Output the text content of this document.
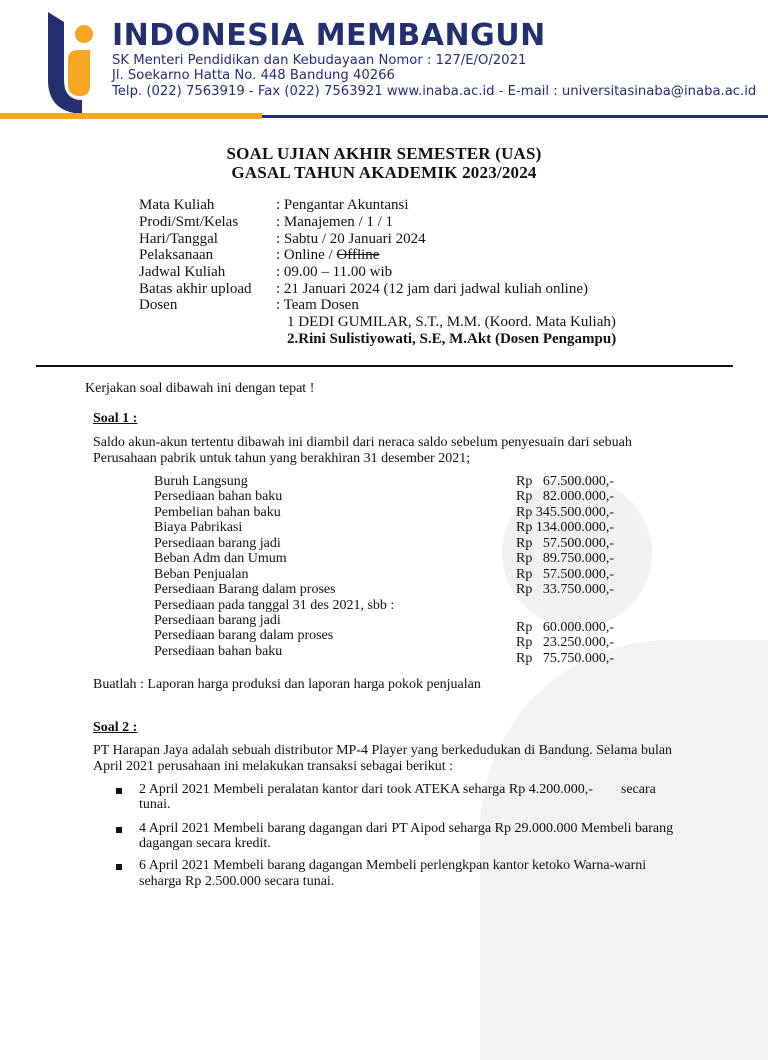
INDONESIA MEMBANGUN
SK Menteri Pendidikan dan Kebudayaan Nomor : 127/E/O/2021
Jl. Soekarno Hatta No. 448 Bandung 40266
Telp. (022) 7563919 - Fax (022) 7563921 www.inaba.ac.id - E-mail : universitasinaba@inaba.ac.id
SOAL UJIAN AKHIR SEMESTER (UAS)
GASAL TAHUN AKADEMIK 2023/2024
Mata Kuliah	: Pengantar Akuntansi
Prodi/Smt/Kelas	: Manajemen / 1 / 1
Hari/Tanggal	: Sabtu / 20 Januari 2024
Pelaksanaan	: Online / Offline
Jadwal Kuliah	: 09.00 – 11.00 wib
Batas akhir upload : 21 Januari 2024 (12 jam dari jadwal kuliah online)
Dosen	: Team Dosen
1 DEDI GUMILAR, S.T., M.M. (Koord. Mata Kuliah)
2.Rini Sulistiyowati, S.E, M.Akt (Dosen Pengampu)
Kerjakan soal dibawah ini dengan tepat !
Soal 1 :
Saldo akun-akun tertentu dibawah ini diambil dari neraca saldo sebelum penyesuain dari sebuah
Perusahaan pabrik untuk tahun yang berakhiran 31 desember 2021;
Buruh Langsung	Rp   67.500.000,-
Persediaan bahan baku	Rp   82.000.000,-
Pembelian bahan baku	Rp 345.500.000,-
Biaya Pabrikasi	Rp 134.000.000,-
Persediaan barang jadi	Rp   57.500.000,-
Beban Adm dan Umum	Rp   89.750.000,-
Beban Penjualan	Rp   57.500.000,-
Persediaan Barang dalam proses	Rp   33.750.000,-
Persediaan pada tanggal 31 des 2021, sbb :
Persediaan barang jadi	Rp   60.000.000,-
Persediaan barang dalam proses	Rp   23.250.000,-
Persediaan bahan baku	Rp   75.750.000,-
Buatlah : Laporan harga produksi dan laporan harga pokok penjualan
Soal 2 :
PT Harapan Jaya adalah sebuah distributor MP-4 Player yang berkedudukan di Bandung. Selama bulan
April 2021 perusahaan ini melakukan transaksi sebagai berikut :
2 April 2021 Membeli peralatan kantor dari took ATEKA seharga Rp 4.200.000,-        secara
tunai.
4 April 2021 Membeli barang dagangan dari PT Aipod seharga Rp 29.000.000 Membeli barang
dagangan secara kredit.
6 April 2021 Membeli barang dagangan Membeli perlengkpan kantor ketoko Warna-warni
seharga Rp 2.500.000 secara tunai.
